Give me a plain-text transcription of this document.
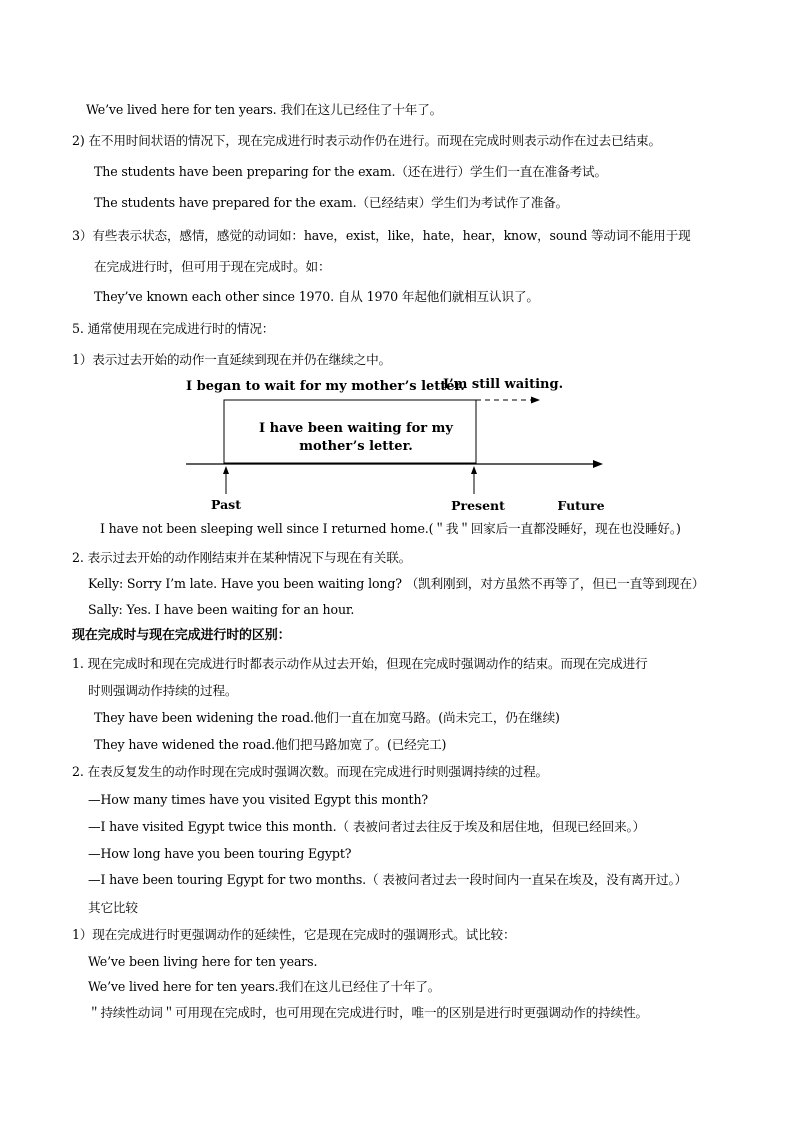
We’ve lived here for ten years. 我们在这儿已经住了十年了。
2) 在不用时间状语的情况下，现在完成进行时表示动作仍在进行。而现在完成时则表示动作在过去已结束。
The students have been preparing for the exam.（还在进行）学生们一直在准备考试。
The students have prepared for the exam.（已经结束）学生们为考试作了准备。
3）有些表示状态，感情，感觉的动词如：have，exist，like，hate，hear，know，sound 等动词不能用于现
在完成进行时，但可用于现在完成时。如：
They’ve known each other since 1970. 自从 1970 年起他们就相互认识了。
5. 通常使用现在完成进行时的情况：
1）表示过去开始的动作一直延续到现在并仍在继续之中。
I began to wait for my mother’s letter.
I’m still waiting.
I have been waiting for my
mother’s letter.
Past	Present	Future
I have not been sleeping well since I returned home.(＂我＂回家后一直都没睡好，现在也没睡好。)
2. 表示过去开始的动作刚结束并在某种情况下与现在有关联。
Kelly: Sorry I’m late. Have you been waiting long? （凯利刚到，对方虽然不再等了，但已一直等到现在）
Sally: Yes. I have been waiting for an hour.
现在完成时与现在完成进行时的区别：
1. 现在完成时和现在完成进行时都表示动作从过去开始，但现在完成时强调动作的结束。而现在完成进行
时则强调动作持续的过程。
They have been widening the road.他们一直在加宽马路。(尚未完工，仍在继续)
They have widened the road.他们把马路加宽了。(已经完工)
2. 在表反复发生的动作时现在完成时强调次数。而现在完成进行时则强调持续的过程。
—How many times have you visited Egypt this month?
—I have visited Egypt twice this month.（ 表被问者过去往反于埃及和居住地，但现已经回来。）
—How long have you been touring Egypt?
—I have been touring Egypt for two months.（ 表被问者过去一段时间内一直呆在埃及，没有离开过。）
其它比较
1）现在完成进行时更强调动作的延续性，它是现在完成时的强调形式。试比较：
We’ve been living here for ten years.
We’ve lived here for ten years.我们在这儿已经住了十年了。
＂持续性动词＂可用现在完成时，也可用现在完成进行时，唯一的区别是进行时更强调动作的持续性。
